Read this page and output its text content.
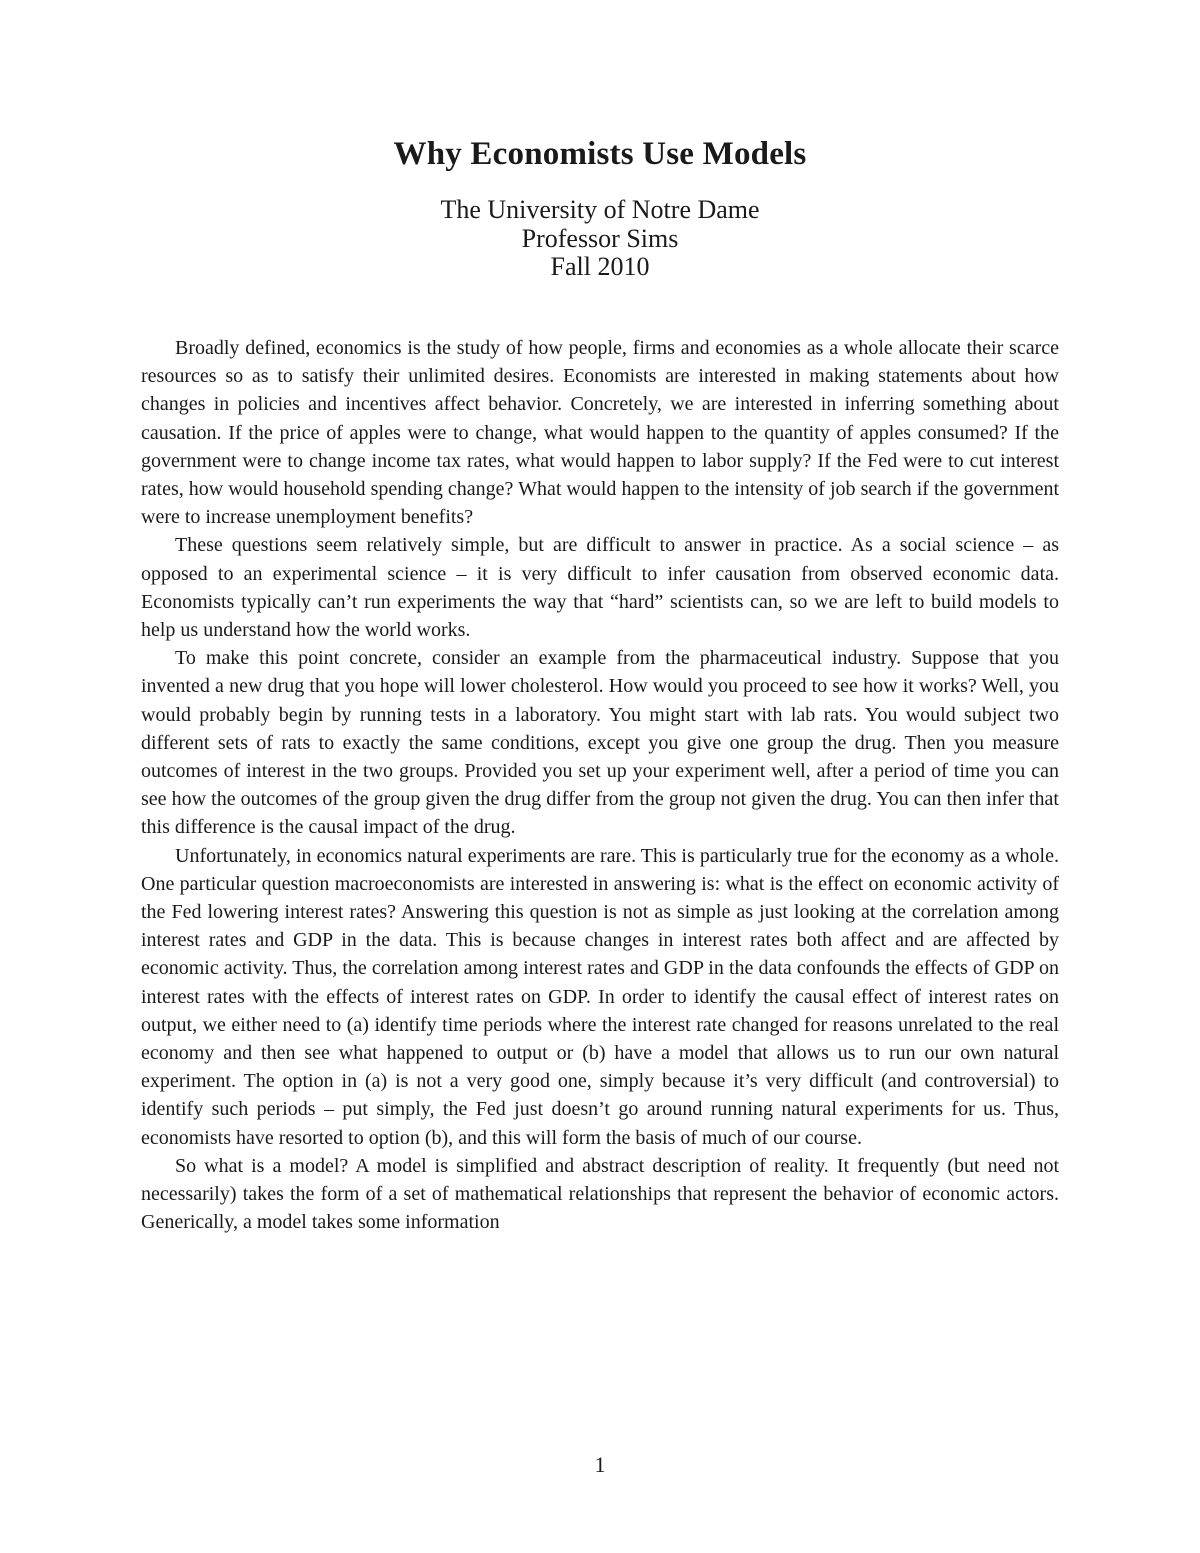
Why Economists Use Models
The University of Notre Dame
Professor Sims
Fall 2010

Broadly defined, economics is the study of how people, firms and economies as a whole allocate their scarce resources so as to satisfy their unlimited desires. Economists are interested in making statements about how changes in policies and incentives affect behavior. Concretely, we are interested in inferring something about causation. If the price of apples were to change, what would happen to the quantity of apples consumed? If the government were to change income tax rates, what would happen to labor supply? If the Fed were to cut interest rates, how would household spending change? What would happen to the intensity of job search if the government were to increase unemployment benefits?

These questions seem relatively simple, but are difficult to answer in practice. As a social science – as opposed to an experimental science – it is very difficult to infer causation from observed economic data. Economists typically can’t run experiments the way that “hard” scientists can, so we are left to build models to help us understand how the world works.

To make this point concrete, consider an example from the pharmaceutical industry. Suppose that you invented a new drug that you hope will lower cholesterol. How would you proceed to see how it works? Well, you would probably begin by running tests in a laboratory. You might start with lab rats. You would subject two different sets of rats to exactly the same conditions, except you give one group the drug. Then you measure outcomes of interest in the two groups. Provided you set up your experiment well, after a period of time you can see how the outcomes of the group given the drug differ from the group not given the drug. You can then infer that this difference is the causal impact of the drug.

Unfortunately, in economics natural experiments are rare. This is particularly true for the economy as a whole. One particular question macroeconomists are interested in answering is: what is the effect on economic activity of the Fed lowering interest rates? Answering this question is not as simple as just looking at the correlation among interest rates and GDP in the data. This is because changes in interest rates both affect and are affected by economic activity. Thus, the correlation among interest rates and GDP in the data confounds the effects of GDP on interest rates with the effects of interest rates on GDP. In order to identify the causal effect of interest rates on output, we either need to (a) identify time periods where the interest rate changed for reasons unrelated to the real economy and then see what happened to output or (b) have a model that allows us to run our own natural experiment. The option in (a) is not a very good one, simply because it’s very difficult (and controversial) to identify such periods – put simply, the Fed just doesn’t go around running natural experiments for us. Thus, economists have resorted to option (b), and this will form the basis of much of our course.

So what is a model? A model is simplified and abstract description of reality. It frequently (but need not necessarily) takes the form of a set of mathematical relationships that represent the behavior of economic actors. Generically, a model takes some information

1
